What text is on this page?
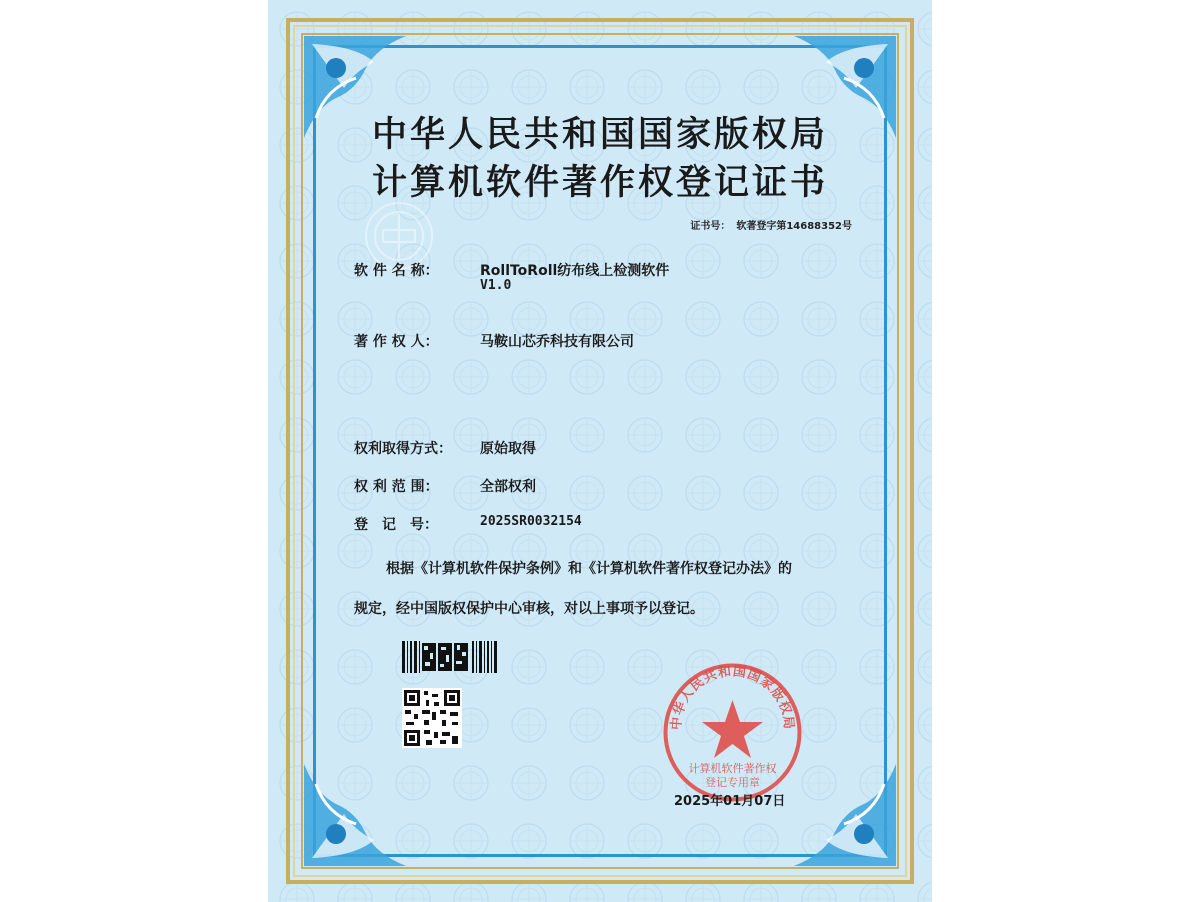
中华人民共和国国家版权局
计算机软件著作权登记证书
证书号： 软著登字第14688352号
软 件 名 称：	RollToRoll纺布线上检测软件
V1.0
著 作 权 人：	马鞍山芯乔科技有限公司
权利取得方式： 原始取得
权 利 范 围：	全部权利
登　记　号：	2025SR0032154
根据《计算机软件保护条例》和《计算机软件著作权登记办法》的
规定，经中国版权保护中心审核，对以上事项予以登记。
中华人民共和国国家版权局
计算机软件著作权
登记专用章
2025年01月07日
